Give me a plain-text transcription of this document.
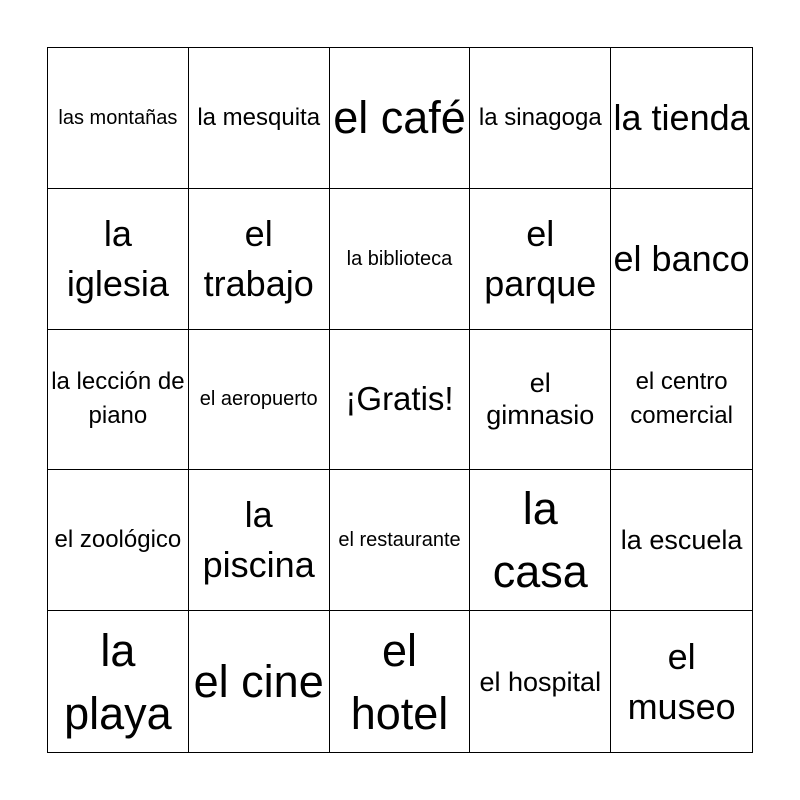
las montañas la mesquita el café la sinagoga la tienda
la iglesia
el trabajo
la biblioteca
el parque
el banco
la lección de piano
el aeropuerto ¡Gratis!	el gimnasio
el centro comercial
el zoológico
la piscina
el restaurante
la casa
la escuela
la playa
el cine
el hotel
el hospital
el museo
